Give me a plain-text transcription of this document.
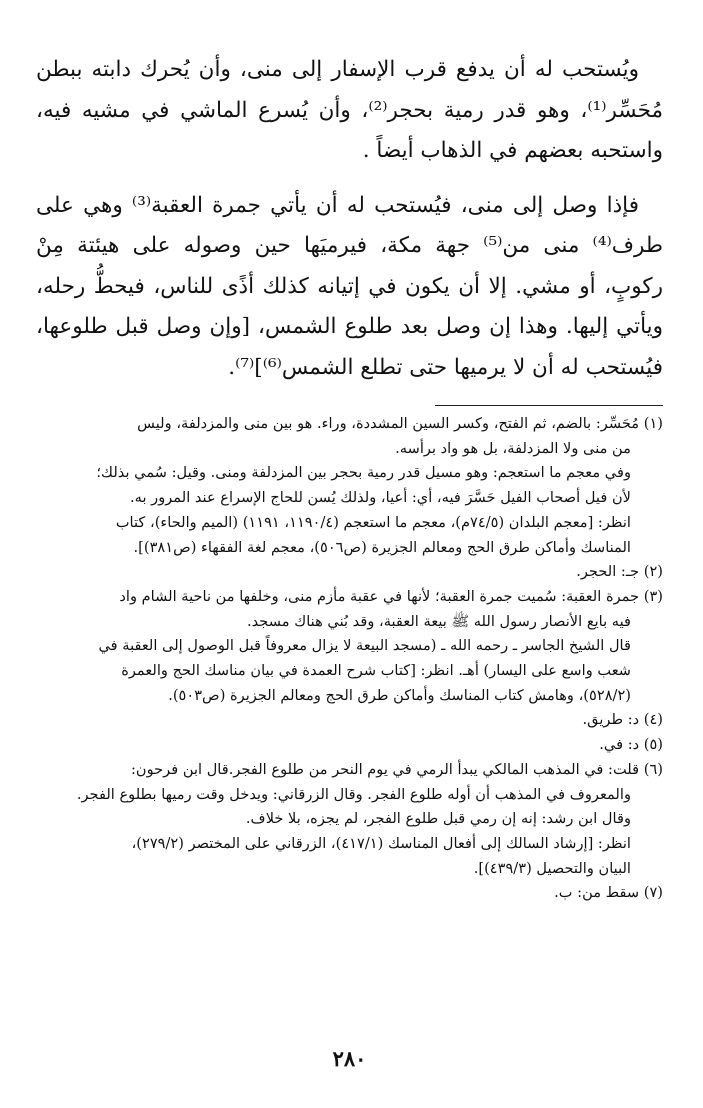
ويُستحب له أن يدفع قرب الإسفار إلى منى، وأن يُحرك دابته ببطن مُحَسِّر⁽¹⁾، وهو قدر رمية بحجر⁽²⁾، وأن يُسرع الماشي في مشيه فيه، واستحبه بعضهم في الذهاب أيضاً .

فإذا وصل إلى منى، فيُستحب له أن يأتي جمرة العقبة⁽³⁾ وهي على طرف⁽⁴⁾ منى من⁽⁵⁾ جهة مكة، فيرميَها حين وصوله على هيئتة مِنْ ركوبٍ، أو مشي. إلا أن يكون في إتيانه كذلك أذًى للناس، فيحطُّ رحله، ويأتي إليها. وهذا إن وصل بعد طلوع الشمس، [وإن وصل قبل طلوعها، فيُستحب له أن لا يرميها حتى تطلع الشمس⁽⁶⁾]⁽⁷⁾.

(١) مُحَسِّر: بالضم، ثم الفتح، وكسر السين المشددة، وراء. هو بين منى والمزدلفة، وليس

من منى ولا المزدلفة، بل هو واد برأسه.

وفي معجم ما استعجم: وهو مسيل قدر رمية بحجر بين المزدلفة ومنى. وقيل: سُمي بذلك؛

لأن فيل أصحاب الفيل حَسَّرَ فيه، أي: أعيا، ولذلك يُسن للحاج الإسراع عند المرور به.

انظر: [معجم البلدان (٧٤/٥م)، معجم ما استعجم (١١٩٠/٤، ١١٩١) (الميم والحاء)، كتاب

المناسك وأماكن طرق الحج ومعالم الجزيرة (ص٥٠٦)، معجم لغة الفقهاء (ص٣٨١)].

(٢) جـ: الحجر.

(٣) جمرة العقبة: سُميت جمرة العقبة؛ لأنها في عقبة مأزم منى، وخلفها من ناحية الشام واد

فيه بايع الأنصار رسول الله ﷺ بيعة العقبة، وقد بُني هناك مسجد.

قال الشيخ الجاسر ـ رحمه الله ـ (مسجد البيعة لا يزال معروفاً قبل الوصول إلى العقبة في

شعب واسع على اليسار) أهـ. انظر: [كتاب شرح العمدة في بيان مناسك الحج والعمرة

(٥٢٨/٢)، وهامش كتاب المناسك وأماكن طرق الحج ومعالم الجزيرة (ص٥٠٣).

(٤) د: طريق.

(٥) د: في.

(٦) قلت: في المذهب المالكي يبدأ الرمي في يوم النحر من طلوع الفجر.قال ابن فرحون:

والمعروف في المذهب أن أوله طلوع الفجر. وقال الزرقاني: ويدخل وقت رميها بطلوع الفجر.

وقال ابن رشد: إنه إن رمي قبل طلوع الفجر، لم يجزه، بلا خلاف.

انظر: [إرشاد السالك إلى أفعال المناسك (٤١٧/١)، الزرقاني على المختصر (٢٧٩/٢)،

البيان والتحصيل (٤٣٩/٣)].

(٧) سقط من: ب.

٢٨٠
